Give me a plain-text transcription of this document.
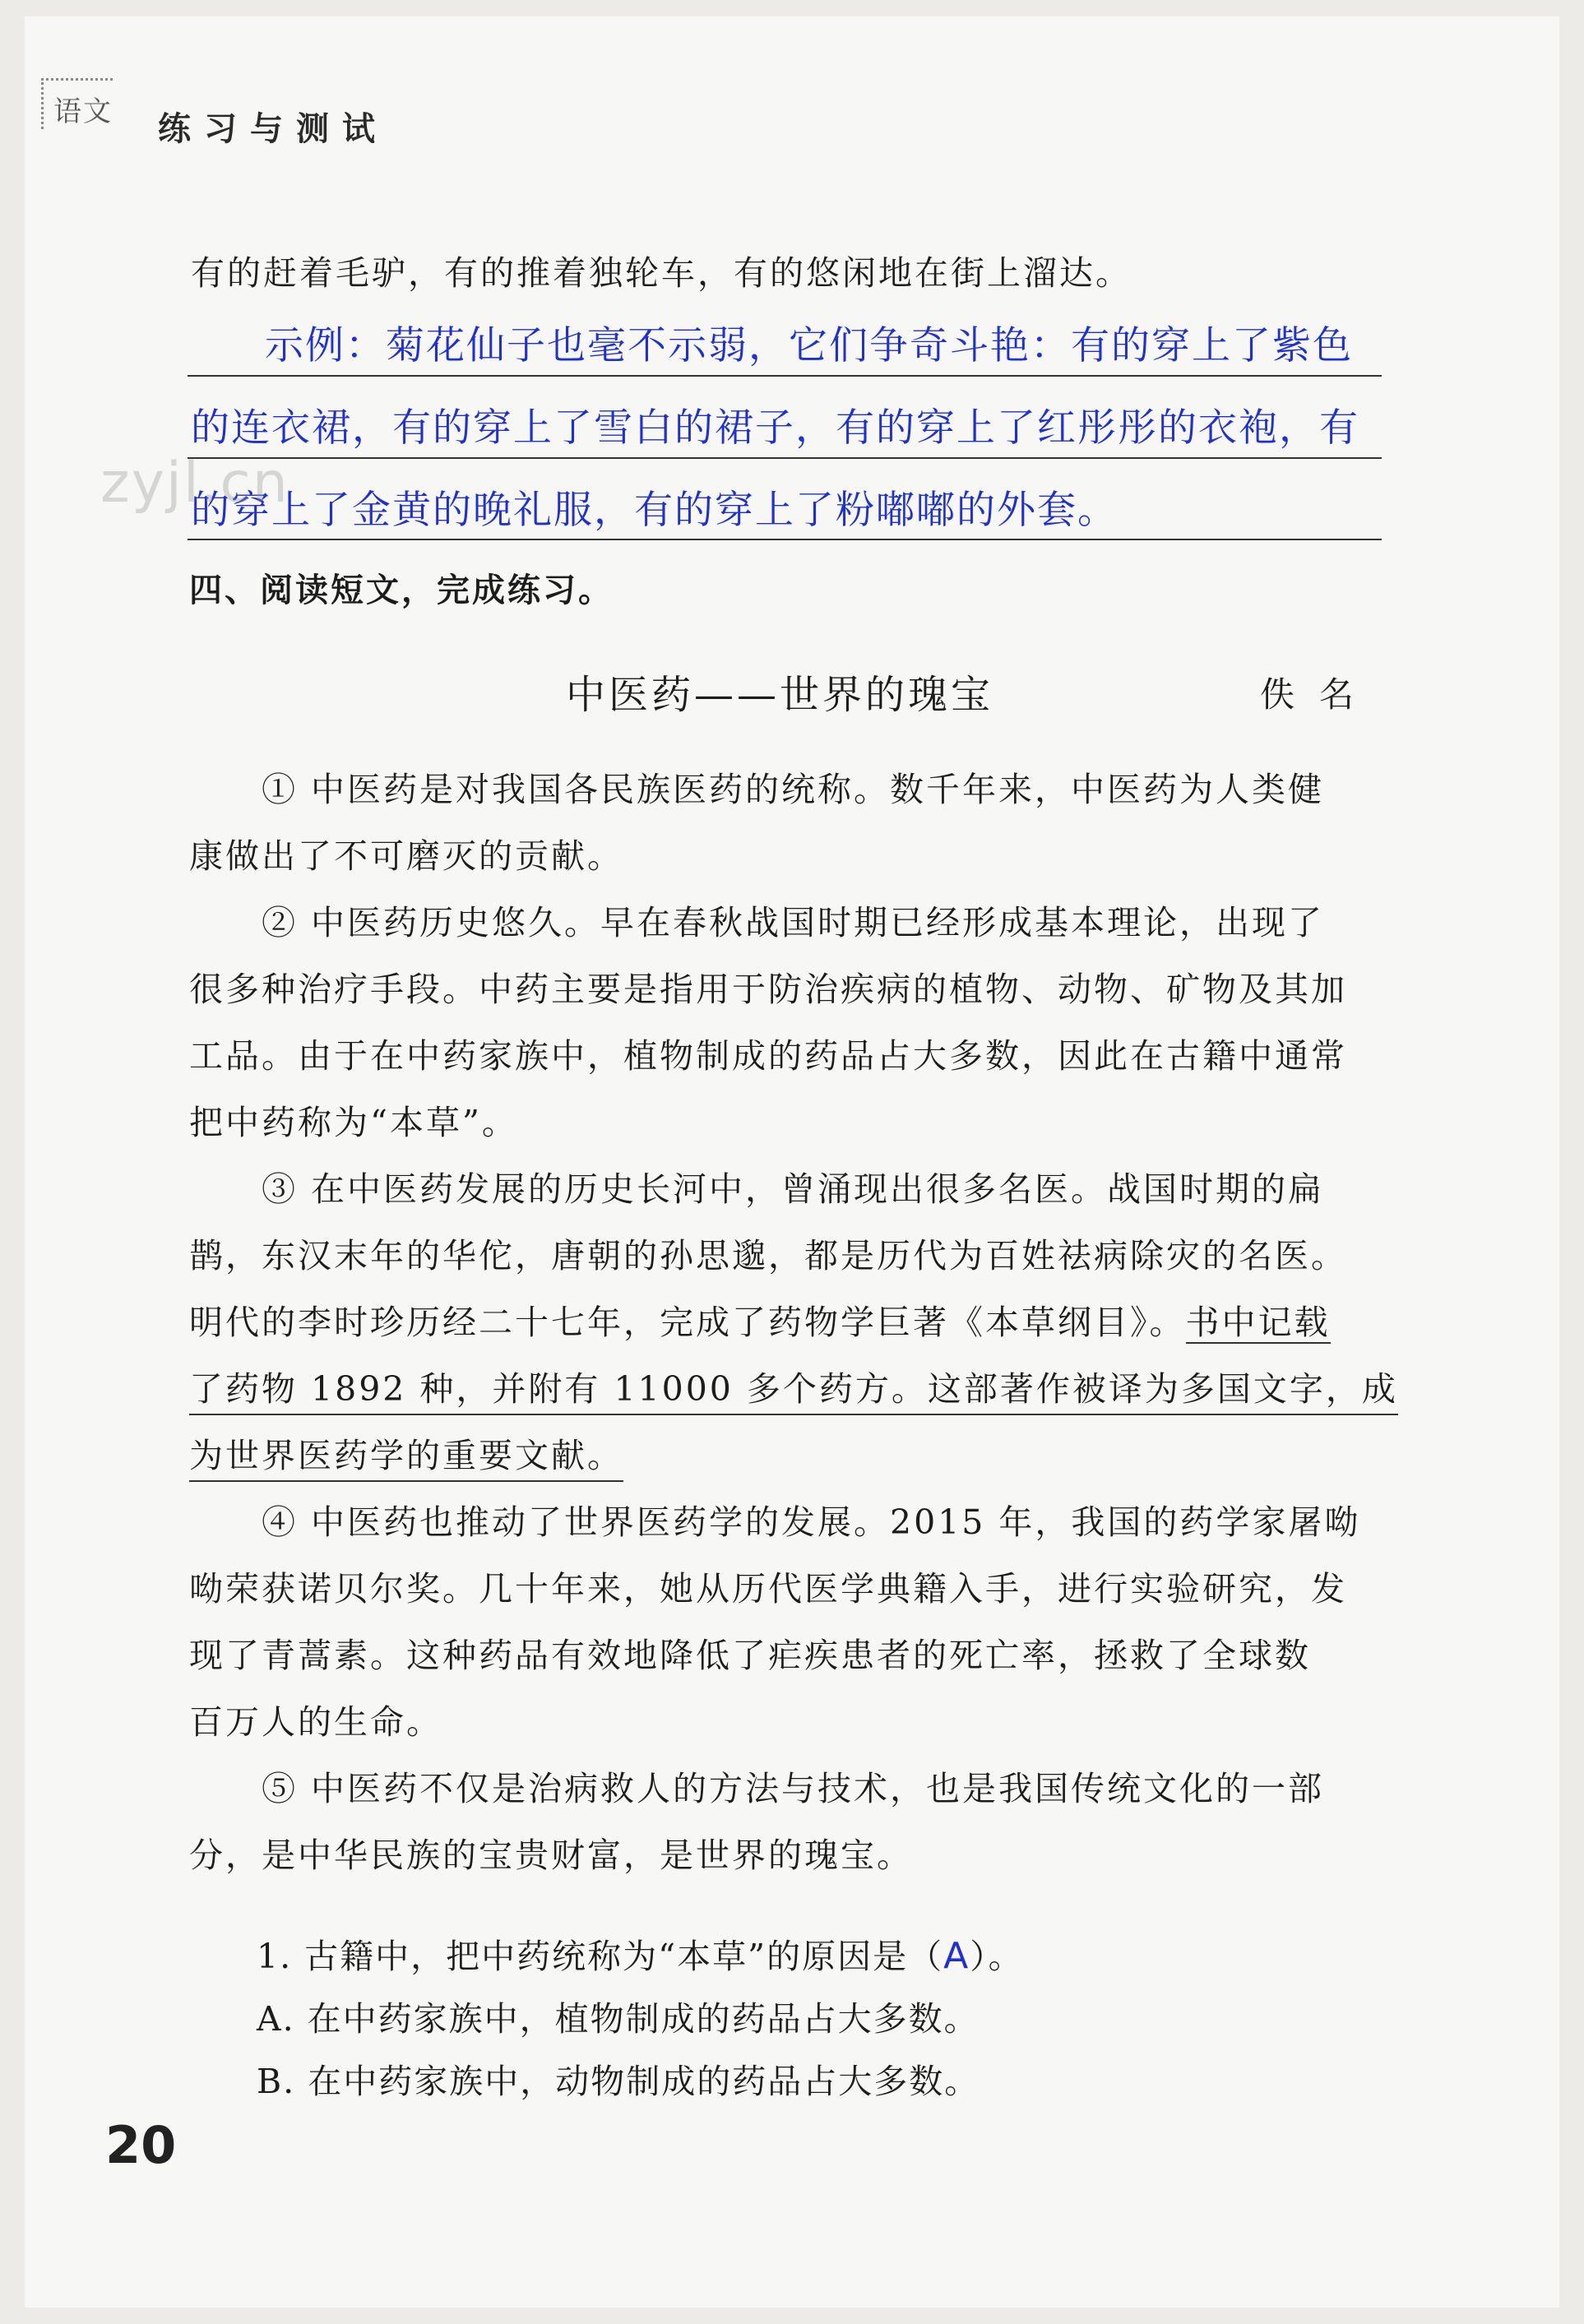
语文 练习与测试
有的赶着毛驴，有的推着独轮车，有的悠闲地在街上溜达。
示例：菊花仙子也毫不示弱，它们争奇斗艳：有的穿上了紫色
的连衣裙，有的穿上了雪白的裙子，有的穿上了红彤彤的衣袍，有
的穿上了金黄的晚礼服，有的穿上了粉嘟嘟的外套。
zyjl.cn
四、阅读短文，完成练习。
中医药——世界的瑰宝	佚名
① 中医药是对我国各民族医药的统称。数千年来，中医药为人类健
康做出了不可磨灭的贡献。
② 中医药历史悠久。早在春秋战国时期已经形成基本理论，出现了
很多种治疗手段。中药主要是指用于防治疾病的植物、动物、矿物及其加
工品。由于在中药家族中，植物制成的药品占大多数，因此在古籍中通常
把中药称为“本草”。
③ 在中医药发展的历史长河中，曾涌现出很多名医。战国时期的扁
鹊，东汉末年的华佗，唐朝的孙思邈，都是历代为百姓祛病除灾的名医。
明代的李时珍历经二十七年，完成了药物学巨著《本草纲目》。书中记载
了药物 1892 种，并附有 11000 多个药方。这部著作被译为多国文字，成
为世界医药学的重要文献。
④ 中医药也推动了世界医药学的发展。2015 年，我国的药学家屠呦
呦荣获诺贝尔奖。几十年来，她从历代医学典籍入手，进行实验研究，发
现了青蒿素。这种药品有效地降低了疟疾患者的死亡率，拯救了全球数
百万人的生命。
⑤ 中医药不仅是治病救人的方法与技术，也是我国传统文化的一部
分，是中华民族的宝贵财富，是世界的瑰宝。
1. 古籍中，把中药统称为“本草”的原因是（A）。
A. 在中药家族中，植物制成的药品占大多数。
B. 在中药家族中，动物制成的药品占大多数。
20
